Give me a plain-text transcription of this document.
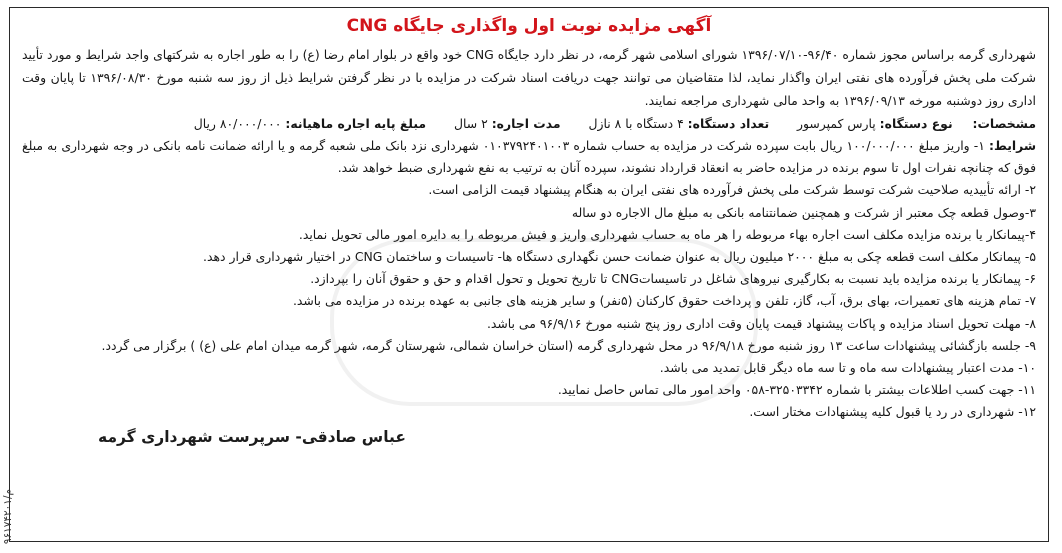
آگهی مزایده نوبت اول واگذاری جایگاه CNG

شهرداری گرمه براساس مجوز شماره ۹۶/۴۰-۱۳۹۶/۰۷/۱۰ شورای اسلامی شهر گرمه، در نظر دارد جایگاه CNG خود واقع در بلوار امام رضا (ع) را به طور اجاره به شرکتهای واجد شرایط و مورد تأیید شرکت ملی پخش فرآورده های نفتی ایران واگذار نماید، لذا متقاضیان می توانند جهت دریافت اسناد شرکت در مزایده با در نظر گرفتن شرایط ذیل از روز سه شنبه مورخ ۱۳۹۶/۰۸/۳۰ تا پایان وقت اداری روز دوشنبه مورخه ۱۳۹۶/۰۹/۱۳ به واحد مالی شهرداری مراجعه نمایند.

مشخصات:  نوع دستگاه: پارس کمپرسور  تعداد دستگاه: ۴ دستگاه با ۸ نازل  مدت اجاره: ۲ سال  مبلغ پایه اجاره ماهیانه: ۸۰/۰۰۰/۰۰۰ ریال

شرایط: ۱- واریز مبلغ ۱۰۰/۰۰۰/۰۰۰ ریال بابت سپرده شرکت در مزایده به حساب شماره ۰۱۰۳۷۹۲۴۰۱۰۰۳ شهرداری نزد بانک ملی شعبه گرمه و یا ارائه ضمانت نامه بانکی در وجه شهرداری به مبلغ فوق که چنانچه نفرات اول تا سوم برنده در مزایده حاضر به انعقاد قرارداد نشوند، سپرده آنان به ترتیب به نفع شهرداری ضبط خواهد شد.

۲- ارائه تأییدیه صلاحیت شرکت توسط شرکت ملی پخش فرآورده های نفتی ایران به هنگام پیشنهاد قیمت الزامی است.

۳-وصول قطعه چک معتبر از شرکت و همچنین ضمانتنامه بانکی به مبلغ مال الاجاره دو ساله

۴-پیمانکار یا برنده مزایده مکلف است اجاره بهاء مربوطه را هر ماه به حساب شهرداری واریز و فیش مربوطه را به دایره امور مالی تحویل نماید.

۵- پیمانکار مکلف است قطعه چکی به مبلغ ۲۰۰۰ میلیون ریال به عنوان ضمانت حسن نگهداری دستگاه ها- تاسیسات و ساختمان CNG در اختیار شهرداری قرار دهد.

۶- پیمانکار یا برنده مزایده باید نسبت به بکارگیری نیروهای شاغل در تاسیساتCNG تا تاریخ تحویل و تحول اقدام و حق و حقوق آنان را بپردازد.

۷- تمام هزینه های تعمیرات، بهای برق، آب، گاز، تلفن و پرداخت حقوق کارکنان (۵نفر) و سایر هزینه های جانبی به عهده برنده در مزایده می باشد.

۸- مهلت تحویل اسناد مزایده و پاکات پیشنهاد قیمت پایان وقت اداری روز پنج شنبه مورخ ۹۶/۹/۱۶ می باشد.

۹- جلسه بازگشائی پیشنهادات ساعت ۱۳ روز شنبه مورخ ۹۶/۹/۱۸ در محل شهرداری گرمه (استان خراسان شمالی، شهرستان گرمه، شهر گرمه میدان امام علی (ع) ) برگزار می گردد.

۱۰- مدت اعتبار پیشنهادات سه ماه و تا سه ماه دیگر قابل تمدید می باشد.

۱۱- جهت کسب اطلاعات بیشتر با شماره ۳۲۵۰۳۳۴۲-۰۵۸ واحد امور مالی تماس حاصل نمایید.

۱۲- شهرداری در رد یا قبول کلیه پیشنهادات مختار است.

عباس صادقی- سرپرست شهرداری گرمه
م/۹۶۱۷۴۲۰۱
